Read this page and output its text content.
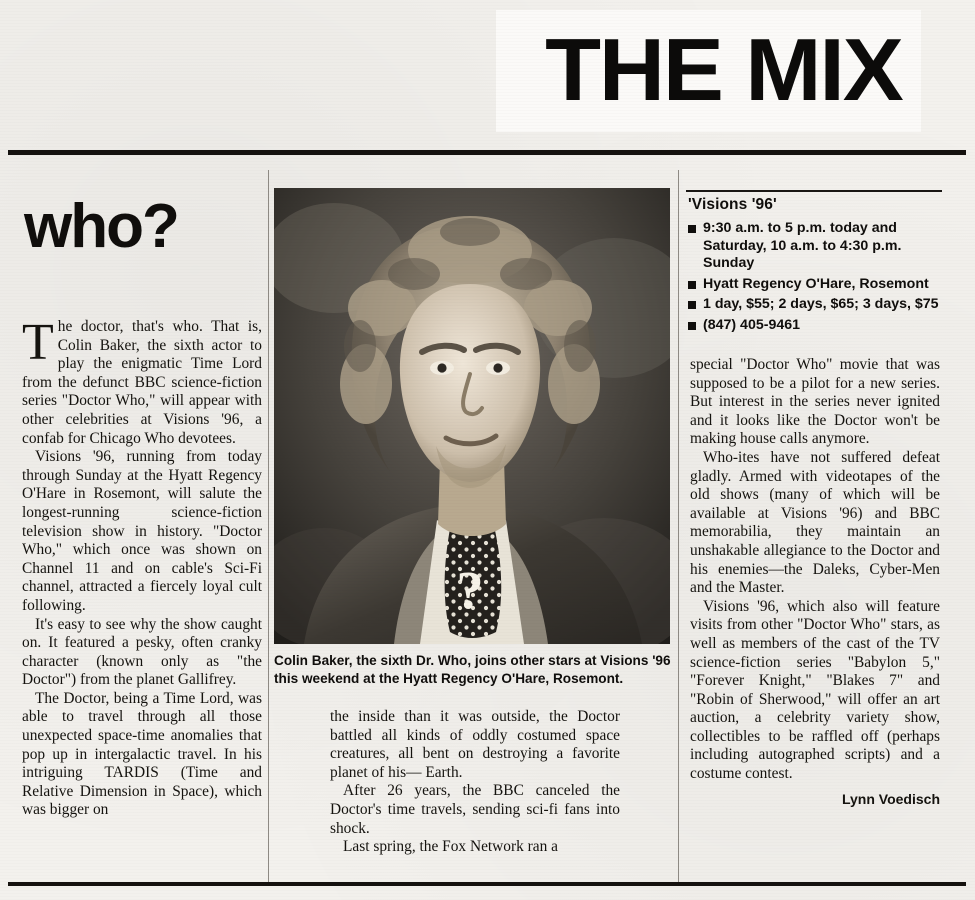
THE MIX
who?

The doctor, that's who. That is, Colin Baker, the sixth actor to play the enigmatic Time Lord from the defunct BBC science-fiction series "Doctor Who," will appear with other celebrities at Visions '96, a confab for Chicago Who devotees.

Visions '96, running from today through Sunday at the Hyatt Regency O'Hare in Rosemont, will salute the longest-running science-fiction television show in history. "Doctor Who," which once was shown on Channel 11 and on cable's Sci-Fi channel, attracted a fiercely loyal cult following.

It's easy to see why the show caught on. It featured a pesky, often cranky character (known only as "the Doctor") from the planet Gallifrey.

The Doctor, being a Time Lord, was able to travel through all those unexpected space-time anomalies that pop up in intergalactic travel. In his intriguing TARDIS (Time and Relative Dimension in Space), which was bigger on

?
Colin Baker, the sixth Dr. Who, joins other stars at Visions '96 this weekend at the Hyatt Regency O'Hare, Rosemont.

the inside than it was outside, the Doctor battled all kinds of oddly costumed space creatures, all bent on destroying a favorite planet of his— Earth.

After 26 years, the BBC canceled the Doctor's time travels, sending sci-fi fans into shock.

Last spring, the Fox Network ran a

'Visions '96'
9:30 a.m. to 5 p.m. today and Saturday, 10 a.m. to 4:30 p.m. Sunday
Hyatt Regency O'Hare, Rosemont
1 day, $55; 2 days, $65; 3 days, $75
(847) 405-9461

special "Doctor Who" movie that was supposed to be a pilot for a new series. But interest in the series never ignited and it looks like the Doctor won't be making house calls anymore.

Who-ites have not suffered defeat gladly. Armed with videotapes of the old shows (many of which will be available at Visions '96) and BBC memorabilia, they maintain an unshakable allegiance to the Doctor and his enemies—the Daleks, Cyber-Men and the Master.

Visions '96, which also will feature visits from other "Doctor Who" stars, as well as members of the cast of the TV science-fiction series "Babylon 5," "Forever Knight," "Blakes 7" and "Robin of Sherwood," will offer an art auction, a celebrity variety show, collectibles to be raffled off (perhaps including autographed scripts) and a costume contest.

Lynn Voedisch
